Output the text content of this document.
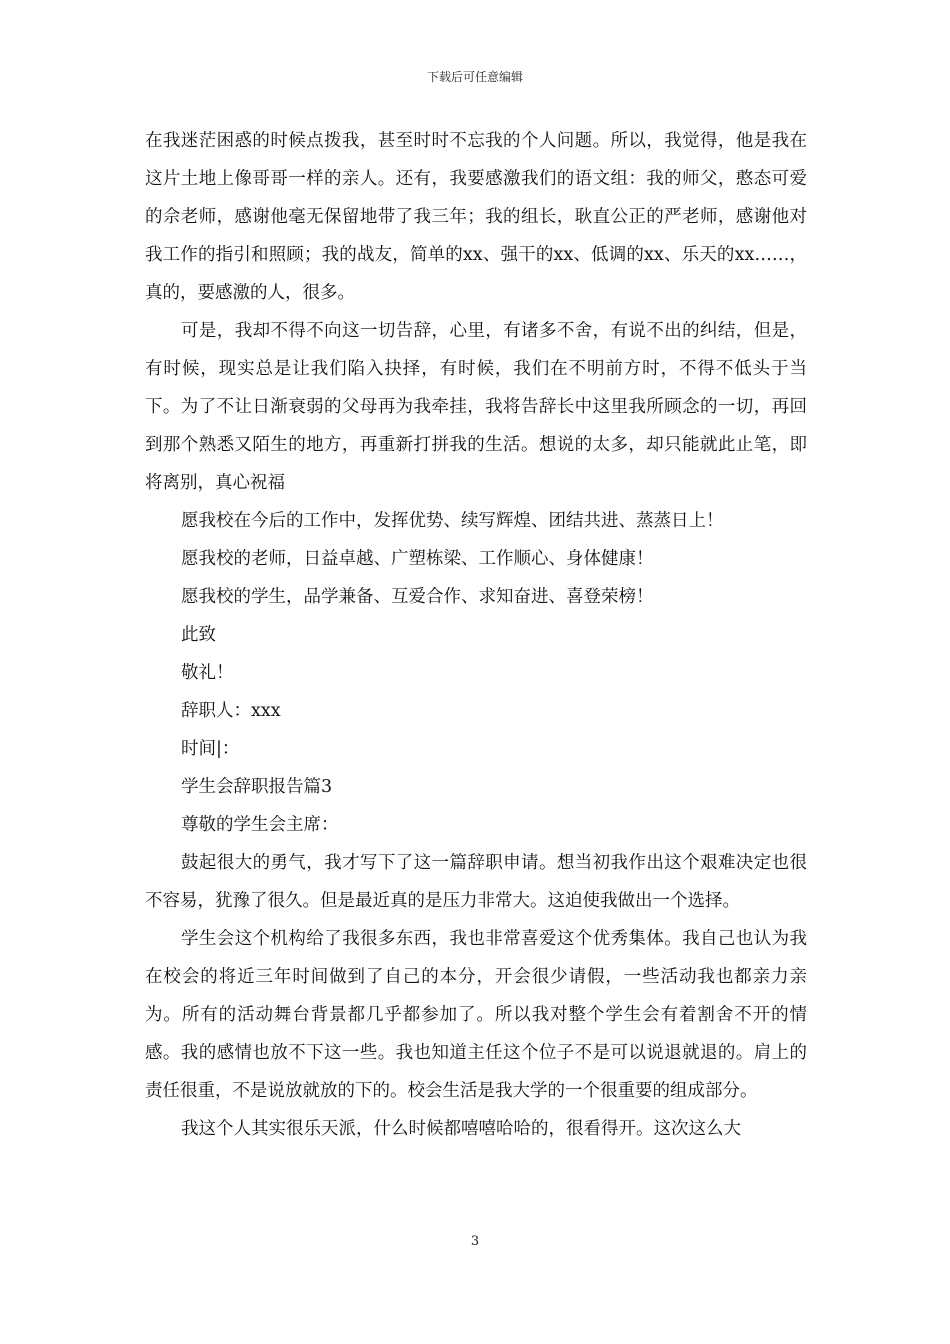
下载后可任意编辑

在我迷茫困惑的时候点拨我，甚至时时不忘我的个人问题。所以，我觉得，他是我在这片土地上像哥哥一样的亲人。还有，我要感激我们的语文组：我的师父，憨态可爱的佘老师，感谢他毫无保留地带了我三年；我的组长，耿直公正的严老师，感谢他对我工作的指引和照顾；我的战友，简单的xx、强干的xx、低调的xx、乐天的xx……，真的，要感激的人，很多。

可是，我却不得不向这一切告辞，心里，有诸多不舍，有说不出的纠结，但是，有时候，现实总是让我们陷入抉择，有时候，我们在不明前方时，不得不低头于当下。为了不让日渐衰弱的父母再为我牵挂，我将告辞长中这里我所顾念的一切，再回到那个熟悉又陌生的地方，再重新打拼我的生活。想说的太多，却只能就此止笔，即将离别，真心祝福

愿我校在今后的工作中，发挥优势、续写辉煌、团结共进、蒸蒸日上！

愿我校的老师，日益卓越、广塑栋梁、工作顺心、身体健康！

愿我校的学生，品学兼备、互爱合作、求知奋进、喜登荣榜！

此致

敬礼！

辞职人：xxx

时间|：

学生会辞职报告篇3

尊敬的学生会主席：

鼓起很大的勇气，我才写下了这一篇辞职申请。想当初我作出这个艰难决定也很不容易，犹豫了很久。但是最近真的是压力非常大。这迫使我做出一个选择。

学生会这个机构给了我很多东西，我也非常喜爱这个优秀集体。我自己也认为我在校会的将近三年时间做到了自己的本分，开会很少请假，一些活动我也都亲力亲为。所有的活动舞台背景都几乎都参加了。所以我对整个学生会有着割舍不开的情感。我的感情也放不下这一些。我也知道主任这个位子不是可以说退就退的。肩上的责任很重，不是说放就放的下的。校会生活是我大学的一个很重要的组成部分。

我这个人其实很乐天派，什么时候都嘻嘻哈哈的，很看得开。这次这么大

3
